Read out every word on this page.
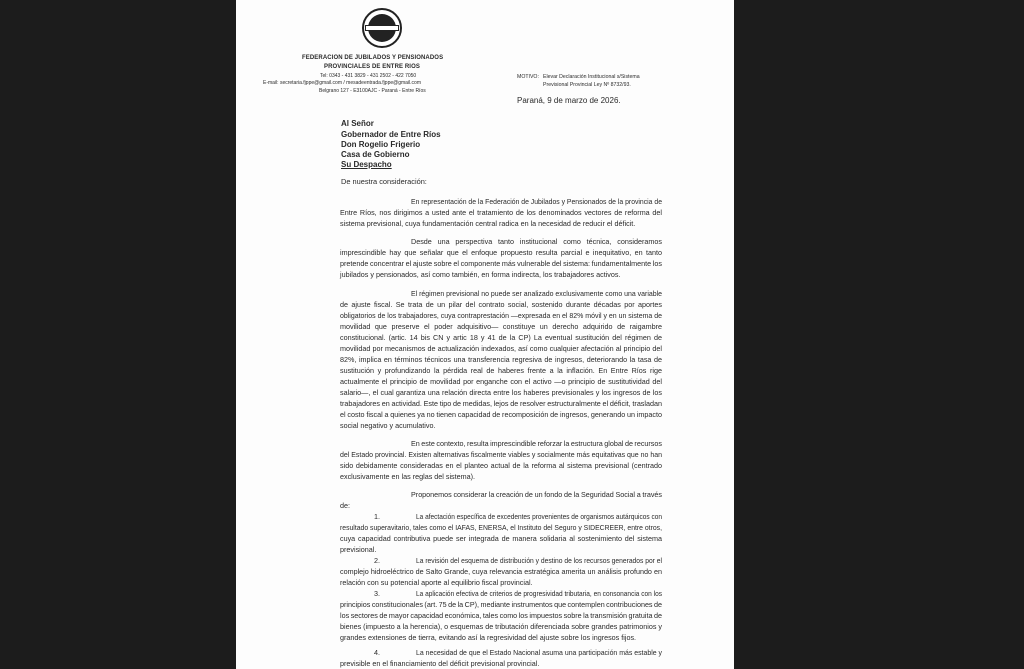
FEDERACION DE JUBILADOS Y PENSIONADOS
PROVINCIALES DE ENTRE RIOS
Tel: 0343 - 431 3829 - 431 2502 - 422 7050
E-mail: secretaria.fjppe@gmail.com / mesadeentrada.fjppe@gmail.com
Belgrano 127 - E3100AJC - Paraná - Entre Ríos
MOTIVO: Elevar Declaración Institucional s/Sistema
Previsional Provincial Ley Nº 8732/93.
Paraná, 9 de marzo de 2026.
Al Señor
Gobernador de Entre Ríos
Don Rogelio Frigerio
Casa de Gobierno
Su Despacho
De nuestra consideración:
En representación de la Federación de Jubilados y Pensionados de la provincia de
Entre Ríos, nos dirigimos a usted ante el tratamiento de los denominados vectores de reforma del
sistema previsional, cuya fundamentación central radica en la necesidad de reducir el déficit.
Desde una perspectiva tanto institucional como técnica, consideramos
imprescindible hay que señalar que el enfoque propuesto resulta parcial e inequitativo, en tanto
pretende concentrar el ajuste sobre el componente más vulnerable del sistema: fundamentalmente los
jubilados y pensionados, así como también, en forma indirecta, los trabajadores activos.
El régimen previsional no puede ser analizado exclusivamente como una variable
de ajuste fiscal. Se trata de un pilar del contrato social, sostenido durante décadas por aportes
obligatorios de los trabajadores, cuya contraprestación —expresada en el 82% móvil y en un sistema de
movilidad que preserve el poder adquisitivo— constituye un derecho adquirido de raigambre
constitucional. (artic. 14 bis CN y artic 18 y 41 de la CP) La eventual sustitución del régimen de
movilidad por mecanismos de actualización indexados, así como cualquier afectación al principio del
82%, implica en términos técnicos una transferencia regresiva de ingresos, deteriorando la tasa de
sustitución y profundizando la pérdida real de haberes frente a la inflación. En Entre Ríos rige
actualmente el principio de movilidad por enganche con el activo —o principio de sustitutividad del
salario—, el cual garantiza una relación directa entre los haberes previsionales y los ingresos de los
trabajadores en actividad. Este tipo de medidas, lejos de resolver estructuralmente el déficit, trasladan
el costo fiscal a quienes ya no tienen capacidad de recomposición de ingresos, generando un impacto
social negativo y acumulativo.
En este contexto, resulta imprescindible reforzar la estructura global de recursos
del Estado provincial. Existen alternativas fiscalmente viables y socialmente más equitativas que no han
sido debidamente consideradas en el planteo actual de la reforma al sistema previsional (centrado
exclusivamente en las reglas del sistema).
Proponemos considerar la creación de un fondo de la Seguridad Social a través
de:
1.	La afectación específica de excedentes provenientes de organismos autárquicos con
resultado superavitario, tales como el IAFAS, ENERSA, el Instituto del Seguro y SIDECREER, entre otros,
cuya capacidad contributiva puede ser integrada de manera solidaria al sostenimiento del sistema
previsional.
2.	La revisión del esquema de distribución y destino de los recursos generados por el
complejo hidroeléctrico de Salto Grande, cuya relevancia estratégica amerita un análisis profundo en
relación con su potencial aporte al equilibrio fiscal provincial.
3.	La aplicación efectiva de criterios de progresividad tributaria, en consonancia con los
principios constitucionales (art. 75 de la CP), mediante instrumentos que contemplen contribuciones de
los sectores de mayor capacidad económica, tales como los impuestos sobre la transmisión gratuita de
bienes (impuesto a la herencia), o esquemas de tributación diferenciada sobre grandes patrimonios y
grandes extensiones de tierra, evitando así la regresividad del ajuste sobre los ingresos fijos.
4.	La necesidad de que el Estado Nacional asuma una participación más estable y
previsible en el financiamiento del déficit previsional provincial.
